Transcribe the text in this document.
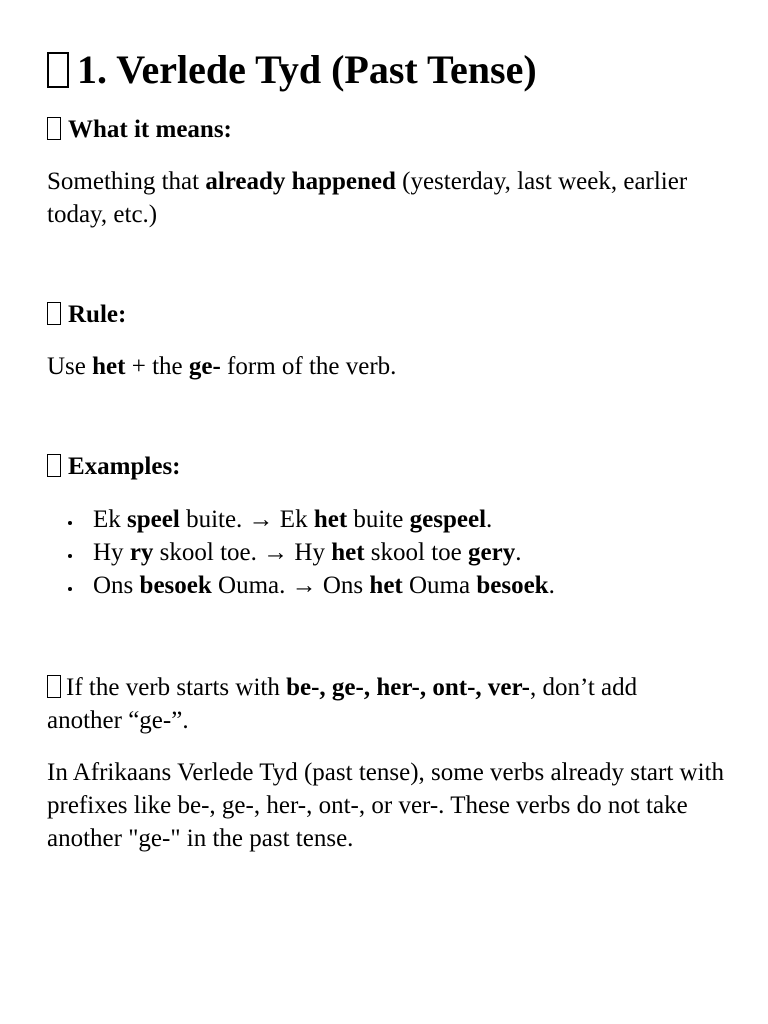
1. Verlede Tyd (Past Tense)

What it means:

Something that already happened (yesterday, last week, earlier today, etc.)

Rule:

Use het + the ge- form of the verb.

Examples:

Ek speel buite. → Ek het buite gespeel.
Hy ry skool toe. → Hy het skool toe gery.
Ons besoek Ouma. → Ons het Ouma besoek.

If the verb starts with be-, ge-, her-, ont-, ver-, don’t add another “ge-”.

In Afrikaans Verlede Tyd (past tense), some verbs already start with prefixes like be-, ge-, her-, ont-, or ver-. These verbs do not take another "ge-" in the past tense.
